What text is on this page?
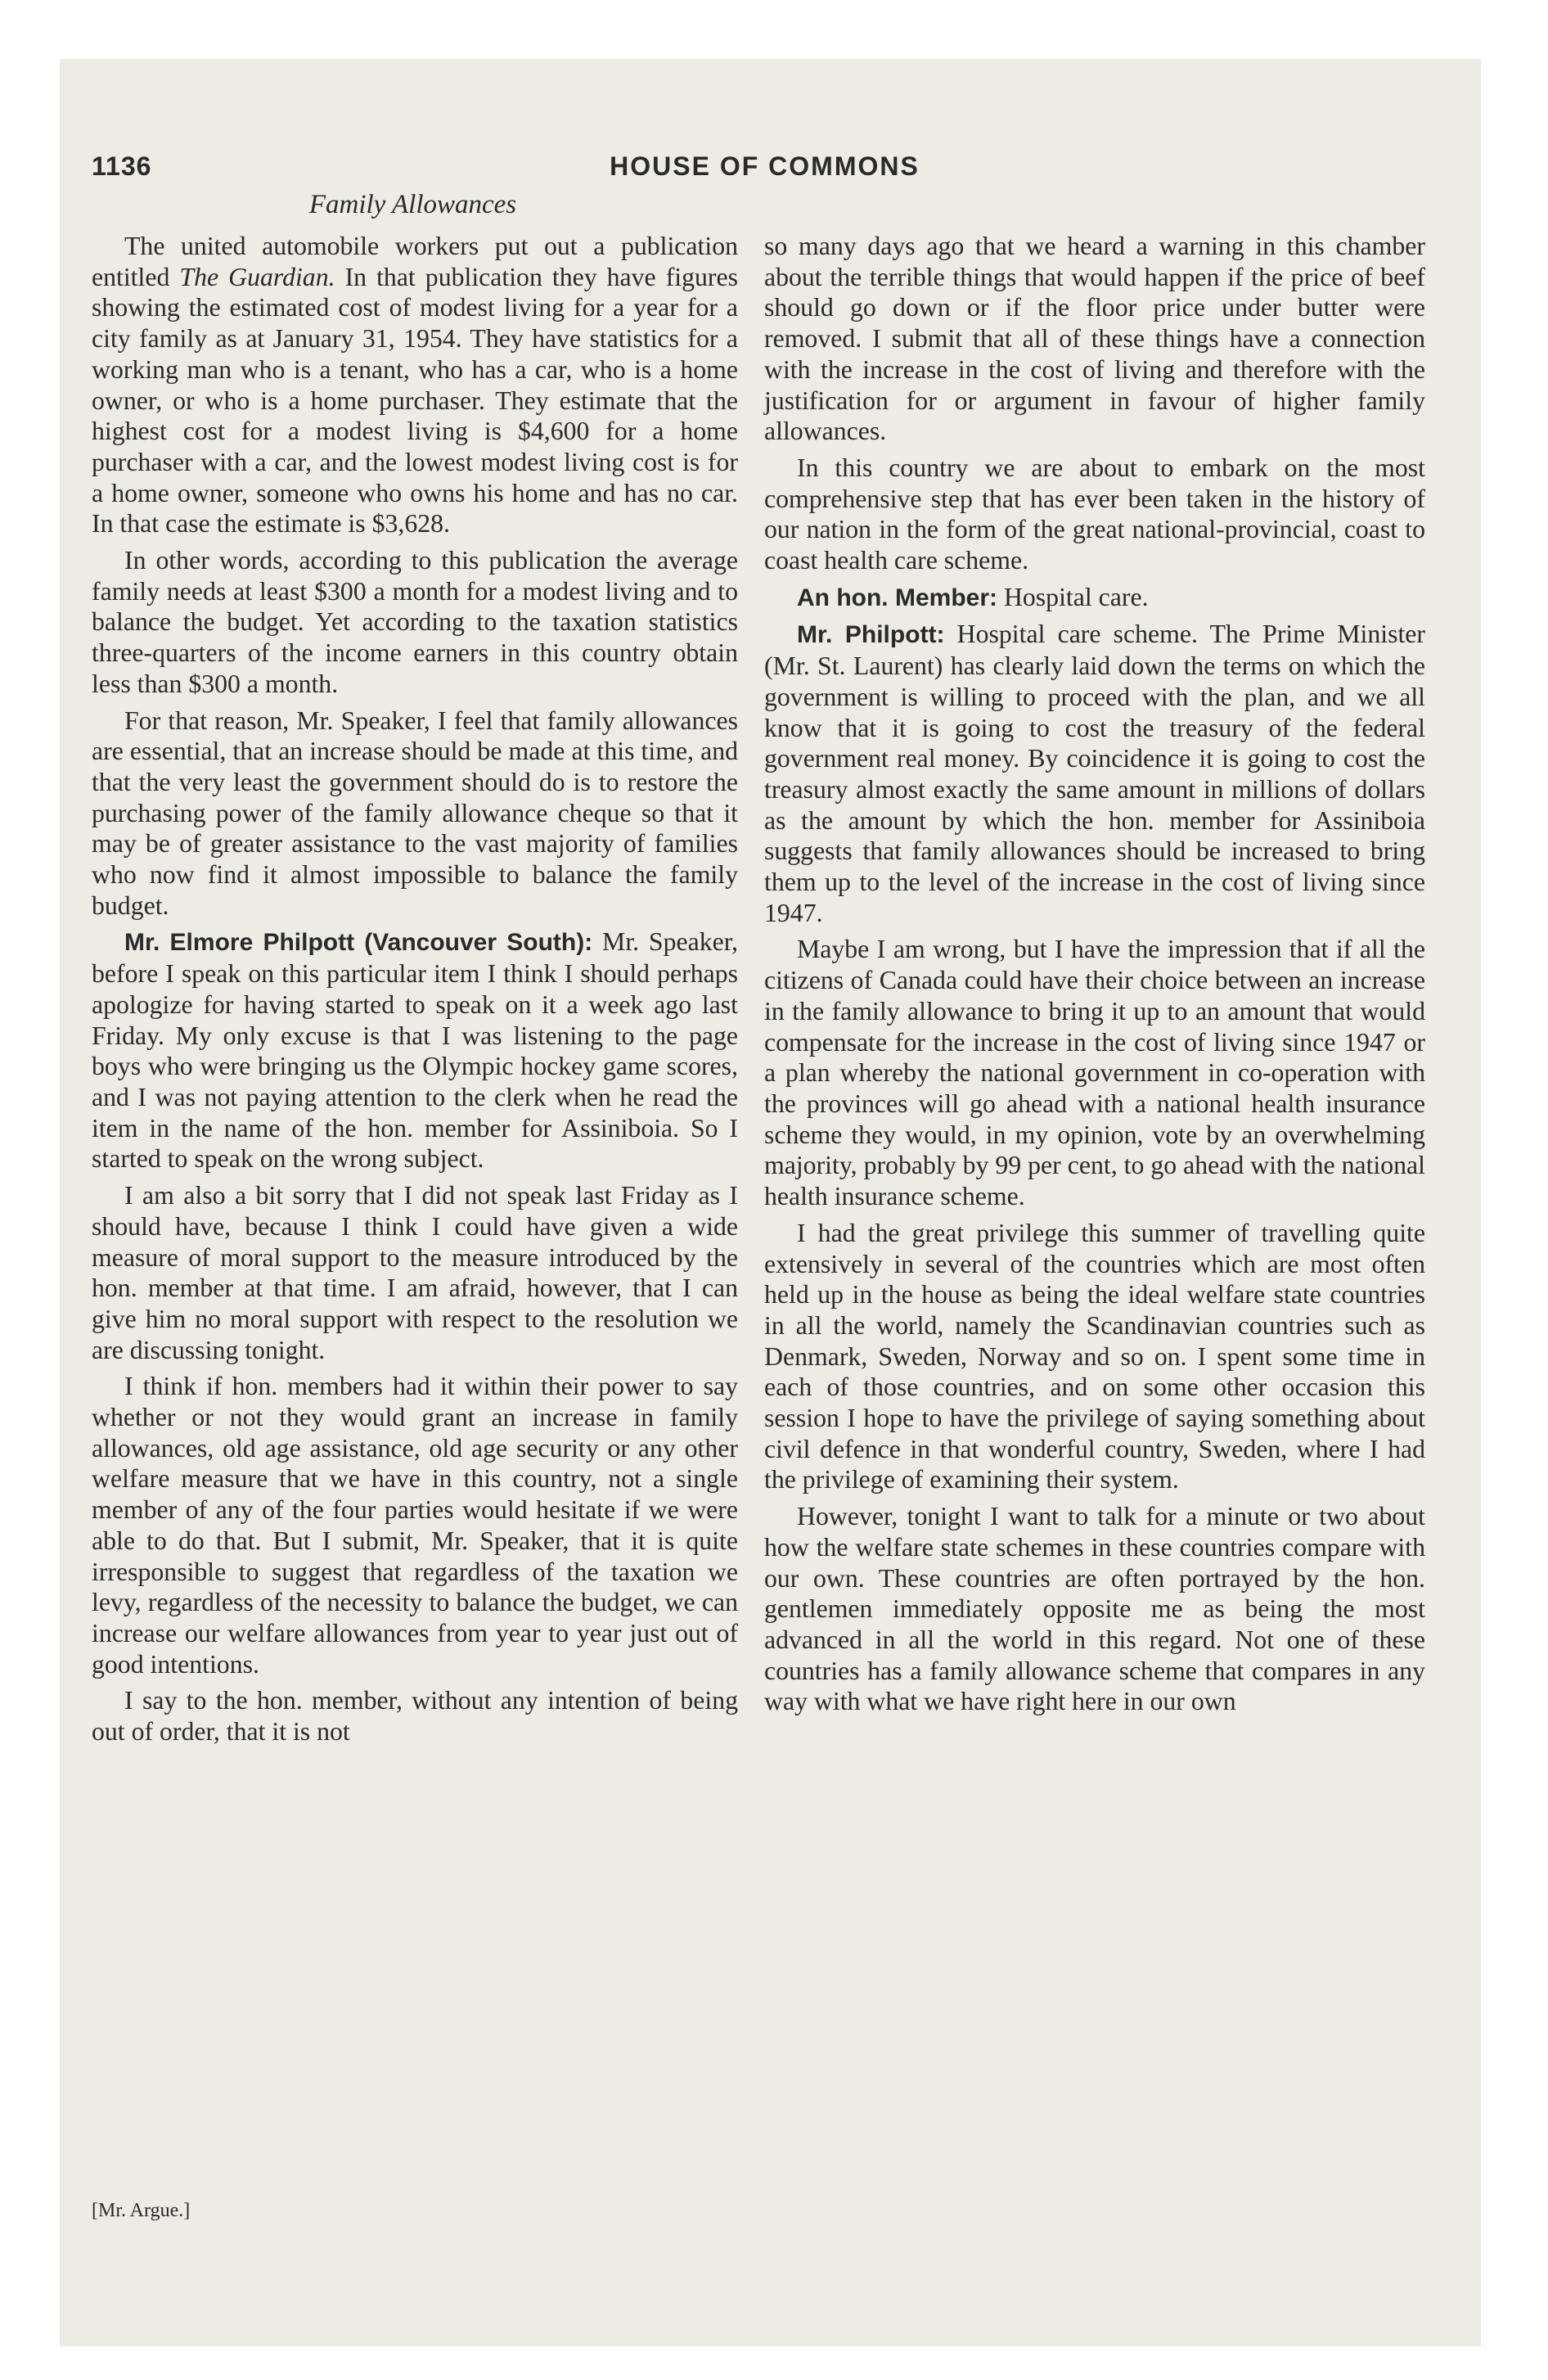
1136	HOUSE OF COMMONS
Family Allowances

The united automobile workers put out a publication entitled The Guardian. In that publication they have figures showing the estimated cost of modest living for a year for a city family as at January 31, 1954. They have statistics for a working man who is a tenant, who has a car, who is a home owner, or who is a home purchaser. They estimate that the highest cost for a modest living is $4,600 for a home purchaser with a car, and the lowest modest living cost is for a home owner, someone who owns his home and has no car. In that case the estimate is $3,628.

In other words, according to this publication the average family needs at least $300 a month for a modest living and to balance the budget. Yet according to the taxation statistics three-quarters of the income earners in this country obtain less than $300 a month.

For that reason, Mr. Speaker, I feel that family allowances are essential, that an increase should be made at this time, and that the very least the government should do is to restore the purchasing power of the family allowance cheque so that it may be of greater assistance to the vast majority of families who now find it almost impossible to balance the family budget.

Mr. Elmore Philpott (Vancouver South): Mr. Speaker, before I speak on this particular item I think I should perhaps apologize for having started to speak on it a week ago last Friday. My only excuse is that I was listening to the page boys who were bringing us the Olympic hockey game scores, and I was not paying attention to the clerk when he read the item in the name of the hon. member for Assiniboia. So I started to speak on the wrong subject.

I am also a bit sorry that I did not speak last Friday as I should have, because I think I could have given a wide measure of moral support to the measure introduced by the hon. member at that time. I am afraid, however, that I can give him no moral support with respect to the resolution we are discussing tonight.

I think if hon. members had it within their power to say whether or not they would grant an increase in family allowances, old age assistance, old age security or any other welfare measure that we have in this country, not a single member of any of the four parties would hesitate if we were able to do that. But I submit, Mr. Speaker, that it is quite irresponsible to suggest that regardless of the taxation we levy, regardless of the necessity to balance the budget, we can increase our welfare allowances from year to year just out of good intentions.

I say to the hon. member, without any intention of being out of order, that it is not

so many days ago that we heard a warning in this chamber about the terrible things that would happen if the price of beef should go down or if the floor price under butter were removed. I submit that all of these things have a connection with the increase in the cost of living and therefore with the justification for or argument in favour of higher family allowances.

In this country we are about to embark on the most comprehensive step that has ever been taken in the history of our nation in the form of the great national-provincial, coast to coast health care scheme.

An hon. Member: Hospital care.

Mr. Philpott: Hospital care scheme. The Prime Minister (Mr. St. Laurent) has clearly laid down the terms on which the government is willing to proceed with the plan, and we all know that it is going to cost the treasury of the federal government real money. By coincidence it is going to cost the treasury almost exactly the same amount in millions of dollars as the amount by which the hon. member for Assiniboia suggests that family allowances should be increased to bring them up to the level of the increase in the cost of living since 1947.

Maybe I am wrong, but I have the impression that if all the citizens of Canada could have their choice between an increase in the family allowance to bring it up to an amount that would compensate for the increase in the cost of living since 1947 or a plan whereby the national government in co-operation with the provinces will go ahead with a national health insurance scheme they would, in my opinion, vote by an overwhelming majority, probably by 99 per cent, to go ahead with the national health insurance scheme.

I had the great privilege this summer of travelling quite extensively in several of the countries which are most often held up in the house as being the ideal welfare state countries in all the world, namely the Scandinavian countries such as Denmark, Sweden, Norway and so on. I spent some time in each of those countries, and on some other occasion this session I hope to have the privilege of saying something about civil defence in that wonderful country, Sweden, where I had the privilege of examining their system.

However, tonight I want to talk for a minute or two about how the welfare state schemes in these countries compare with our own. These countries are often portrayed by the hon. gentlemen immediately opposite me as being the most advanced in all the world in this regard. Not one of these countries has a family allowance scheme that compares in any way with what we have right here in our own

[Mr. Argue.]
